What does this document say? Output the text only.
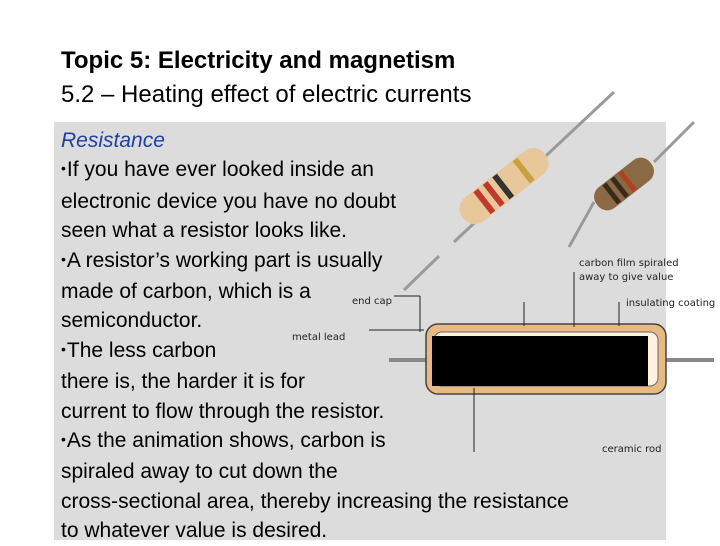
Topic 5: Electricity and magnetism
5.2 – Heating effect of electric currents
carbon film spiraled
away to give value
insulating coating
end cap
metal lead
ceramic rod
Resistance
•If you have ever looked inside an
electronic device you have no doubt
seen what a resistor looks like.
•A resistor’s working part is usually
made of carbon, which is a
semiconductor.
•The less carbon
there is, the harder it is for
current to flow through the resistor.
•As the animation shows, carbon is
spiraled away to cut down the
cross-sectional area, thereby increasing the resistance
to whatever value is desired.
